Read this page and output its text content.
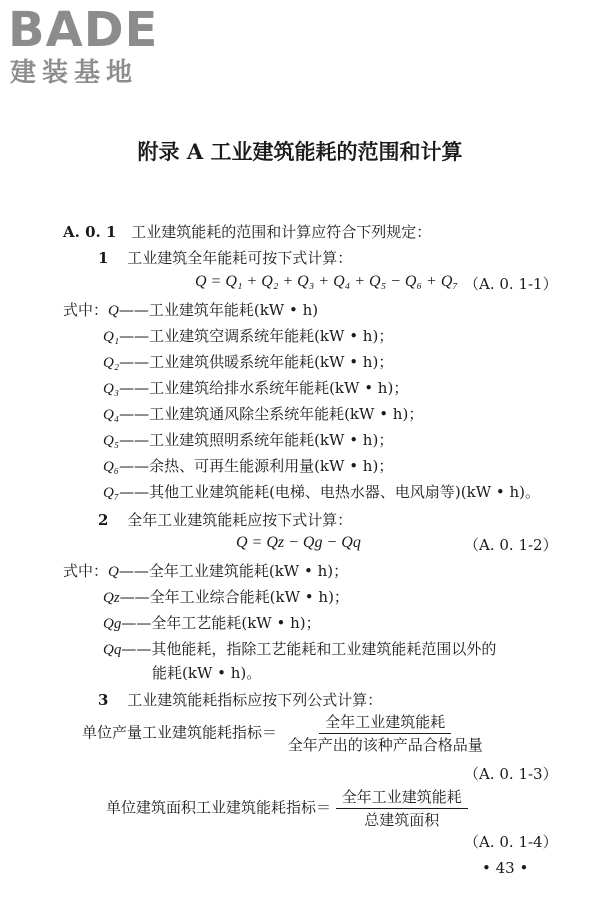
BADE
建装基地
附录 A 工业建筑能耗的范围和计算
A. 0. 1 工业建筑能耗的范围和计算应符合下列规定：
1 工业建筑全年能耗可按下式计算：
Q = Q₁ + Q₂ + Q₃ + Q₄ + Q₅ − Q₆ + Q₇ （A. 0. 1-1）
式中：Q——工业建筑年能耗(kW • h)
Q₁——工业建筑空调系统年能耗(kW • h)；
Q₂——工业建筑供暖系统年能耗(kW • h)；
Q₃——工业建筑给排水系统年能耗(kW • h)；
Q₄——工业建筑通风除尘系统年能耗(kW • h)；
Q₅——工业建筑照明系统年能耗(kW • h)；
Q₆——余热、可再生能源利用量(kW • h)；
Q₇——其他工业建筑能耗(电梯、电热水器、电风扇等)(kW • h)。
2 全年工业建筑能耗应按下式计算：
Q = Qz − Qg − Qq	（A. 0. 1-2）
式中：Q——全年工业建筑能耗(kW • h)；
Qz——全年工业综合能耗(kW • h)；
Qg——全年工艺能耗(kW • h)；
Qq——其他能耗，指除工艺能耗和工业建筑能耗范围以外的
能耗(kW • h)。
3 工业建筑能耗指标应按下列公式计算：
单位产量工业建筑能耗指标＝ $\frac{\text{全年工业建筑能耗}}{\text{全年产出的该种产品合格品量}}$
（A. 0. 1-3）
单位建筑面积工业建筑能耗指标＝ $\frac{\text{全年工业建筑能耗}}{\text{总建筑面积}}$
（A. 0. 1-4）
• 43 •
